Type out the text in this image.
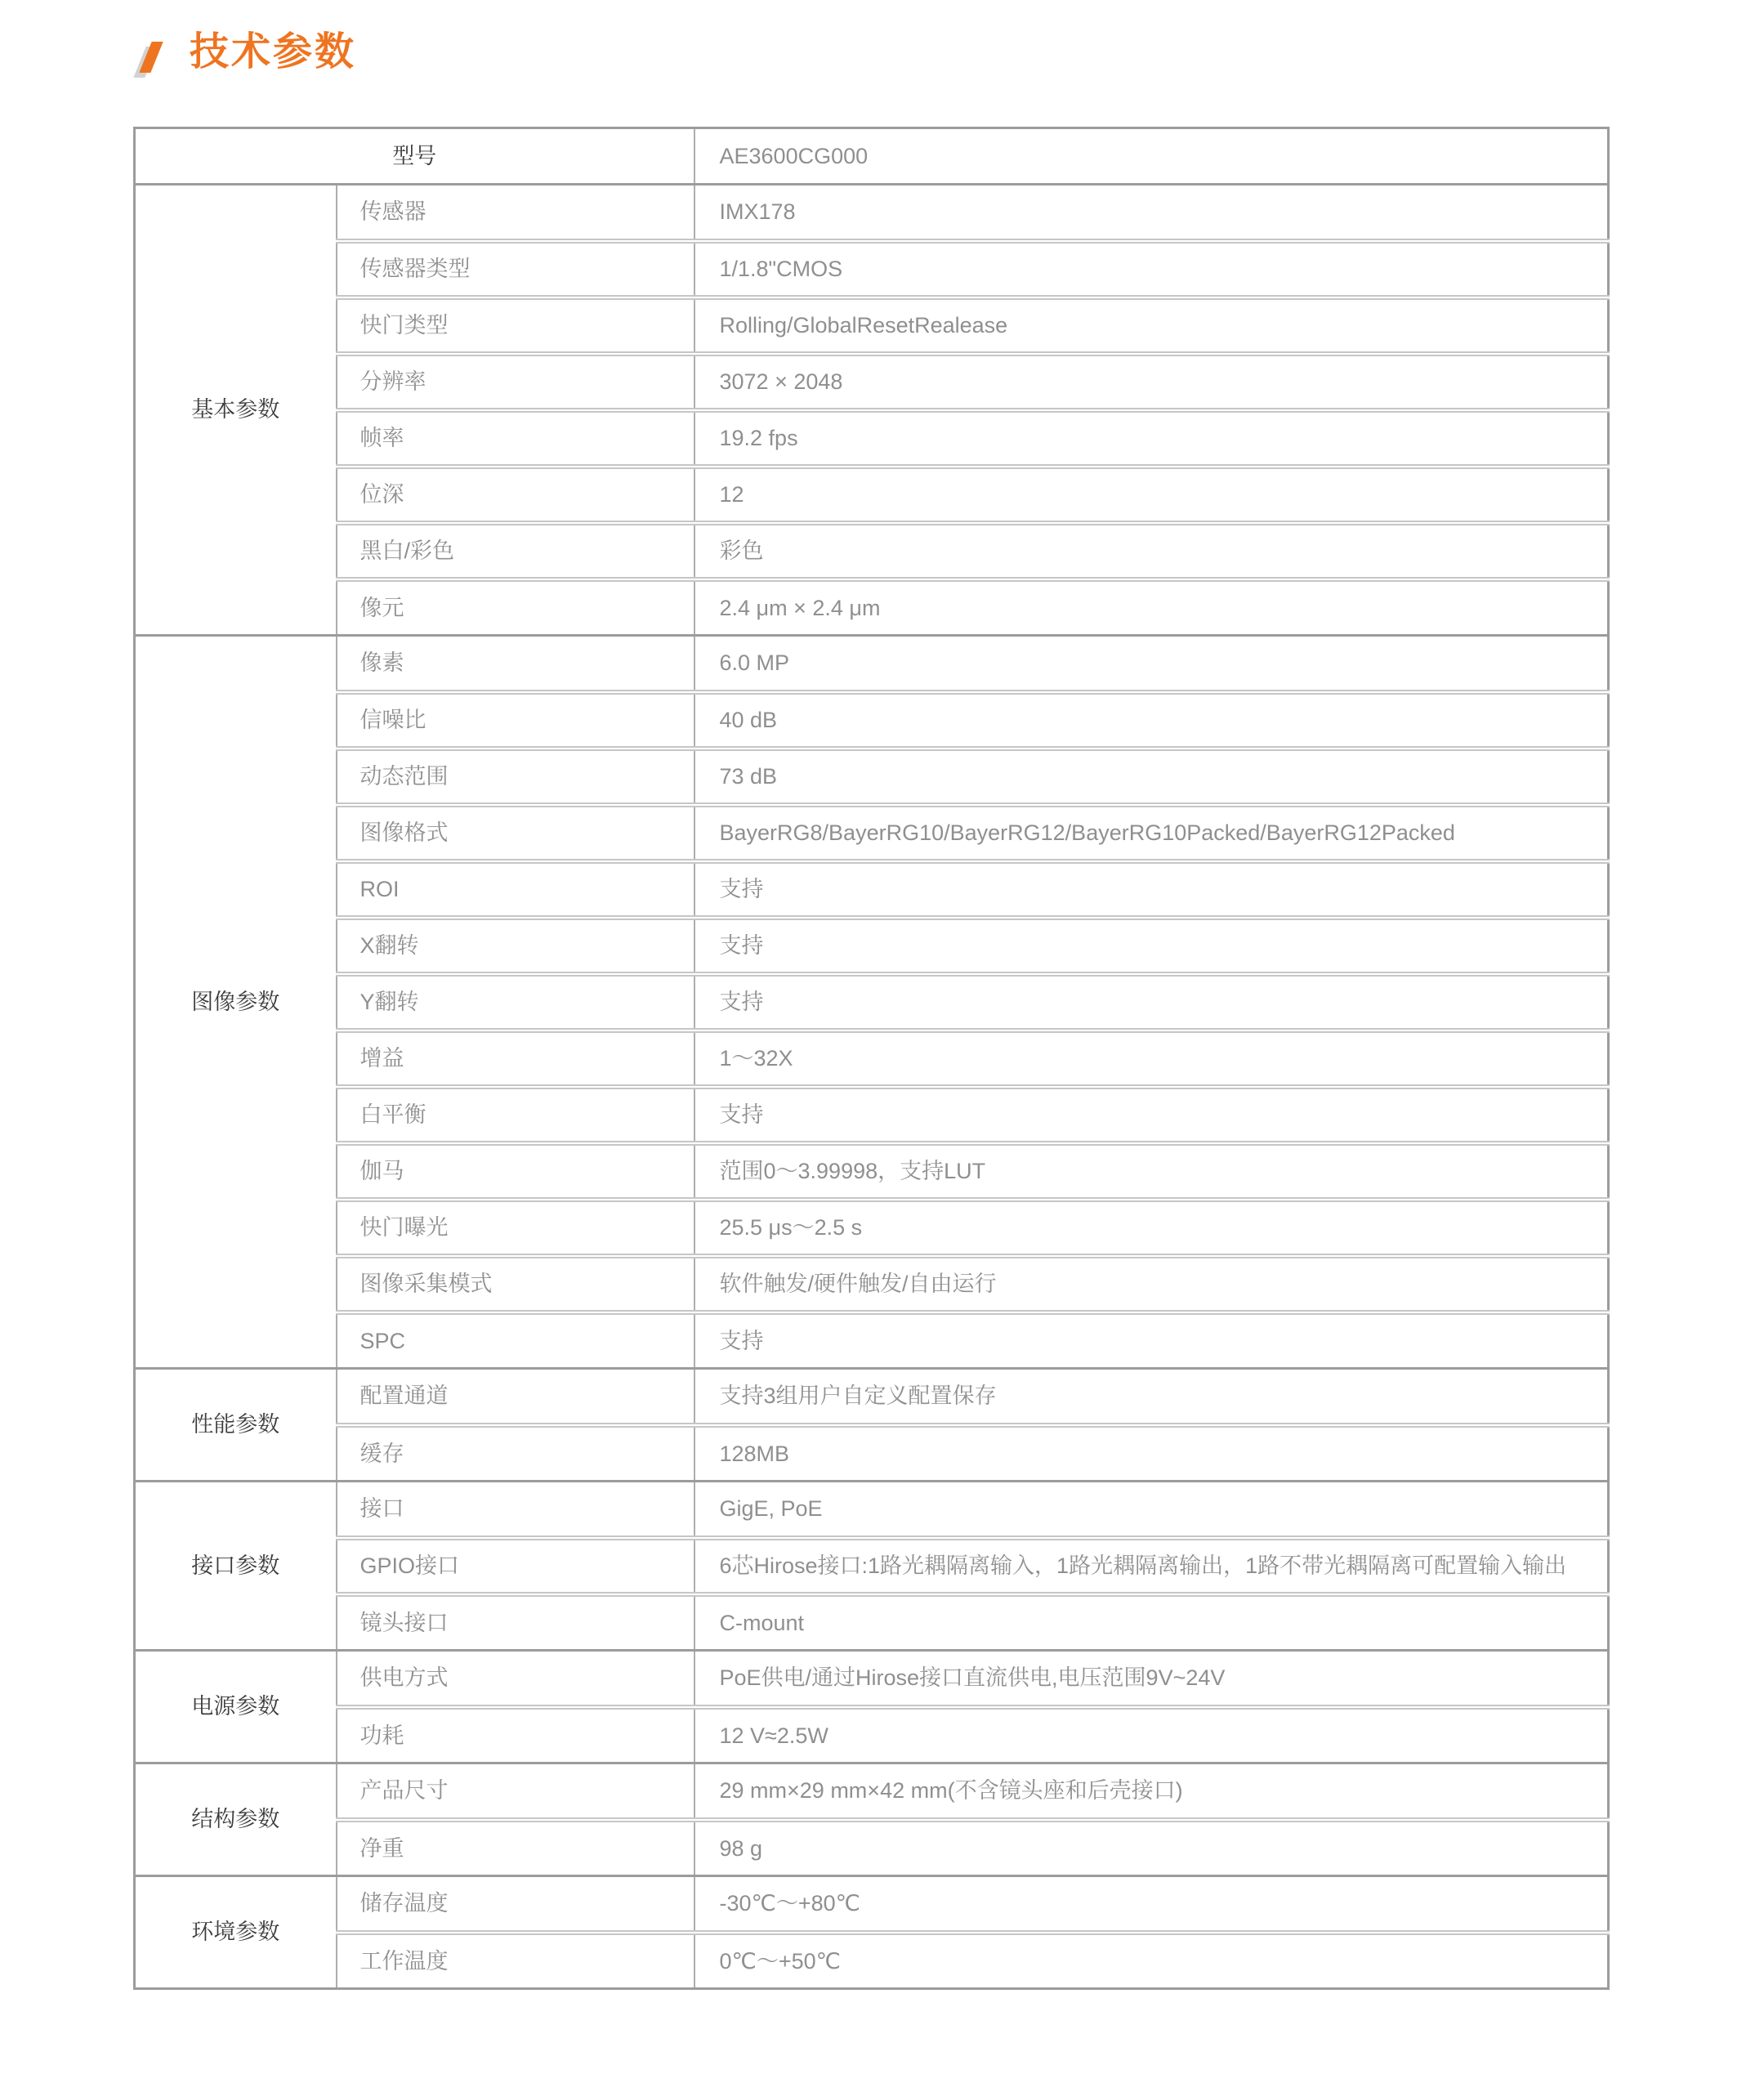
技术参数
型号		AE3600CG000
基本参数	传感器	IMX178
	传感器类型	1/1.8"CMOS
	快门类型	Rolling/GlobalResetRealease
	分辨率	3072 × 2048
	帧率	19.2 fps
	位深	12
	黑白/彩色	彩色
	像元	2.4 μm × 2.4 μm
图像参数	像素	6.0 MP
	信噪比	40 dB
	动态范围	73 dB
	图像格式	BayerRG8/BayerRG10/BayerRG12/BayerRG10Packed/BayerRG12Packed
	ROI	支持
	X翻转	支持
	Y翻转	支持
	增益	1～32X
	白平衡	支持
	伽马	范围0～3.99998，支持LUT
	快门曝光	25.5 μs～2.5 s
	图像采集模式	软件触发/硬件触发/自由运行
	SPC	支持
性能参数	配置通道	支持3组用户自定义配置保存
	缓存	128MB
接口参数	接口	GigE, PoE
	GPIO接口	6芯Hirose接口:1路光耦隔离输入，1路光耦隔离输出，1路不带光耦隔离可配置输入输出
	镜头接口	C-mount
电源参数	供电方式	PoE供电/通过Hirose接口直流供电,电压范围9V~24V
	功耗	12 V≈2.5W
结构参数	产品尺寸	29 mm×29 mm×42 mm(不含镜头座和后壳接口)
	净重	98 g
环境参数	储存温度	-30℃～+80℃
	工作温度	0℃～+50℃
